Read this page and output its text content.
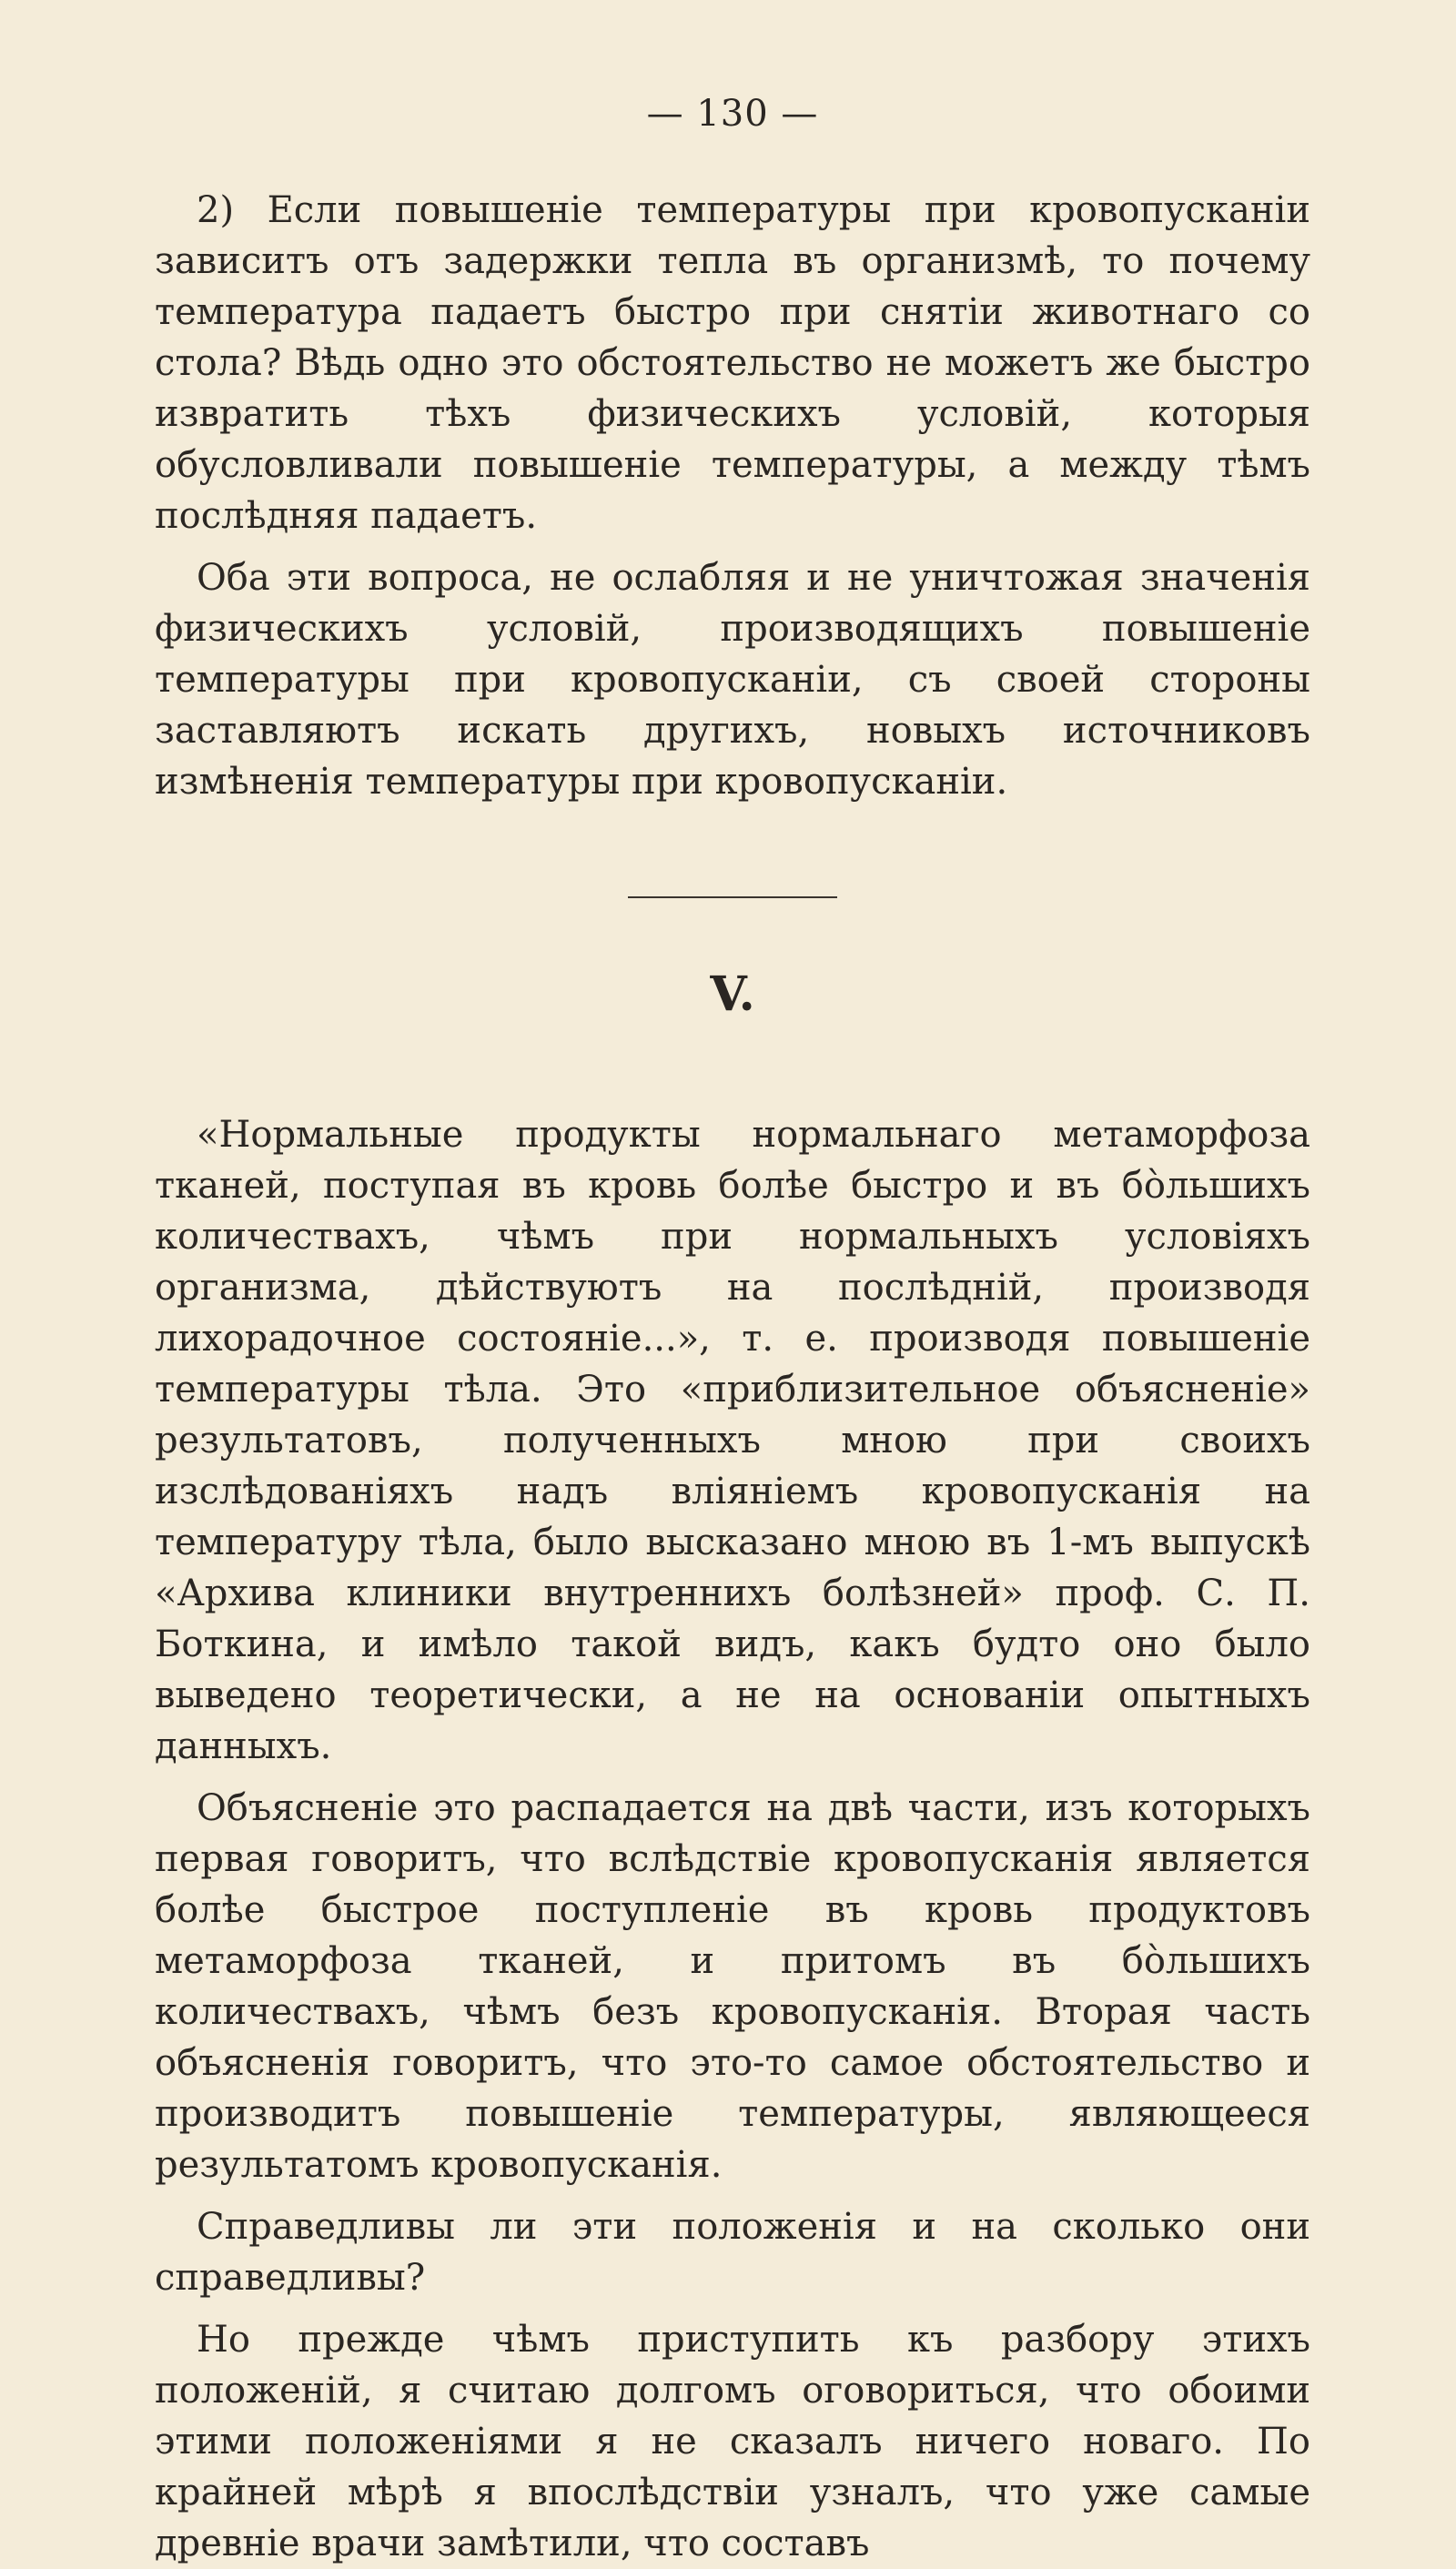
— 130 —

2) Если повышеніе температуры при кровопусканіи зависитъ отъ задержки тепла въ организмѣ, то почему температура падаетъ быстро при снятіи животнаго со стола? Вѣдь одно это обстоятельство не можетъ же быстро извратить тѣхъ физическихъ условій, которыя обусловливали повышеніе температуры, а между тѣмъ послѣдняя падаетъ.

Оба эти вопроса, не ослабляя и не уничтожая значенія физическихъ условій, производящихъ повышеніе температуры при кровопусканіи, съ своей стороны заставляютъ искать другихъ, новыхъ источниковъ измѣненія температуры при кровопусканіи.

V.

«Нормальные продукты нормальнаго метаморфоза тканей, поступая въ кровь болѣе быстро и въ бо̀льшихъ количествахъ, чѣмъ при нормальныхъ условіяхъ организма, дѣйствуютъ на послѣдній, производя лихорадочное состояніе...», т. е. производя повышеніе температуры тѣла. Это «приблизительное объясненіе» результатовъ, полученныхъ мною при своихъ изслѣдованіяхъ надъ вліяніемъ кровопусканія на температуру тѣла, было высказано мною въ 1-мъ выпускѣ «Архива клиники внутреннихъ болѣзней» проф. С. П. Боткина, и имѣло такой видъ, какъ будто оно было выведено теоретически, а не на основаніи опытныхъ данныхъ.

Объясненіе это распадается на двѣ части, изъ которыхъ первая говоритъ, что вслѣдствіе кровопусканія является болѣе быстрое поступленіе въ кровь продуктовъ метаморфоза тканей, и притомъ въ бо̀льшихъ количествахъ, чѣмъ безъ кровопусканія. Вторая часть объясненія говоритъ, что это-то самое обстоятельство и производитъ повышеніе температуры, являющееся результатомъ кровопусканія.

Справедливы ли эти положенія и на сколько они справедливы?

Но прежде чѣмъ приступить къ разбору этихъ положеній, я считаю долгомъ оговориться, что обоими этими положеніями я не сказалъ ничего новаго. По крайней мѣрѣ я впослѣдствіи узналъ, что уже самые древніе врачи замѣтили, что составъ
